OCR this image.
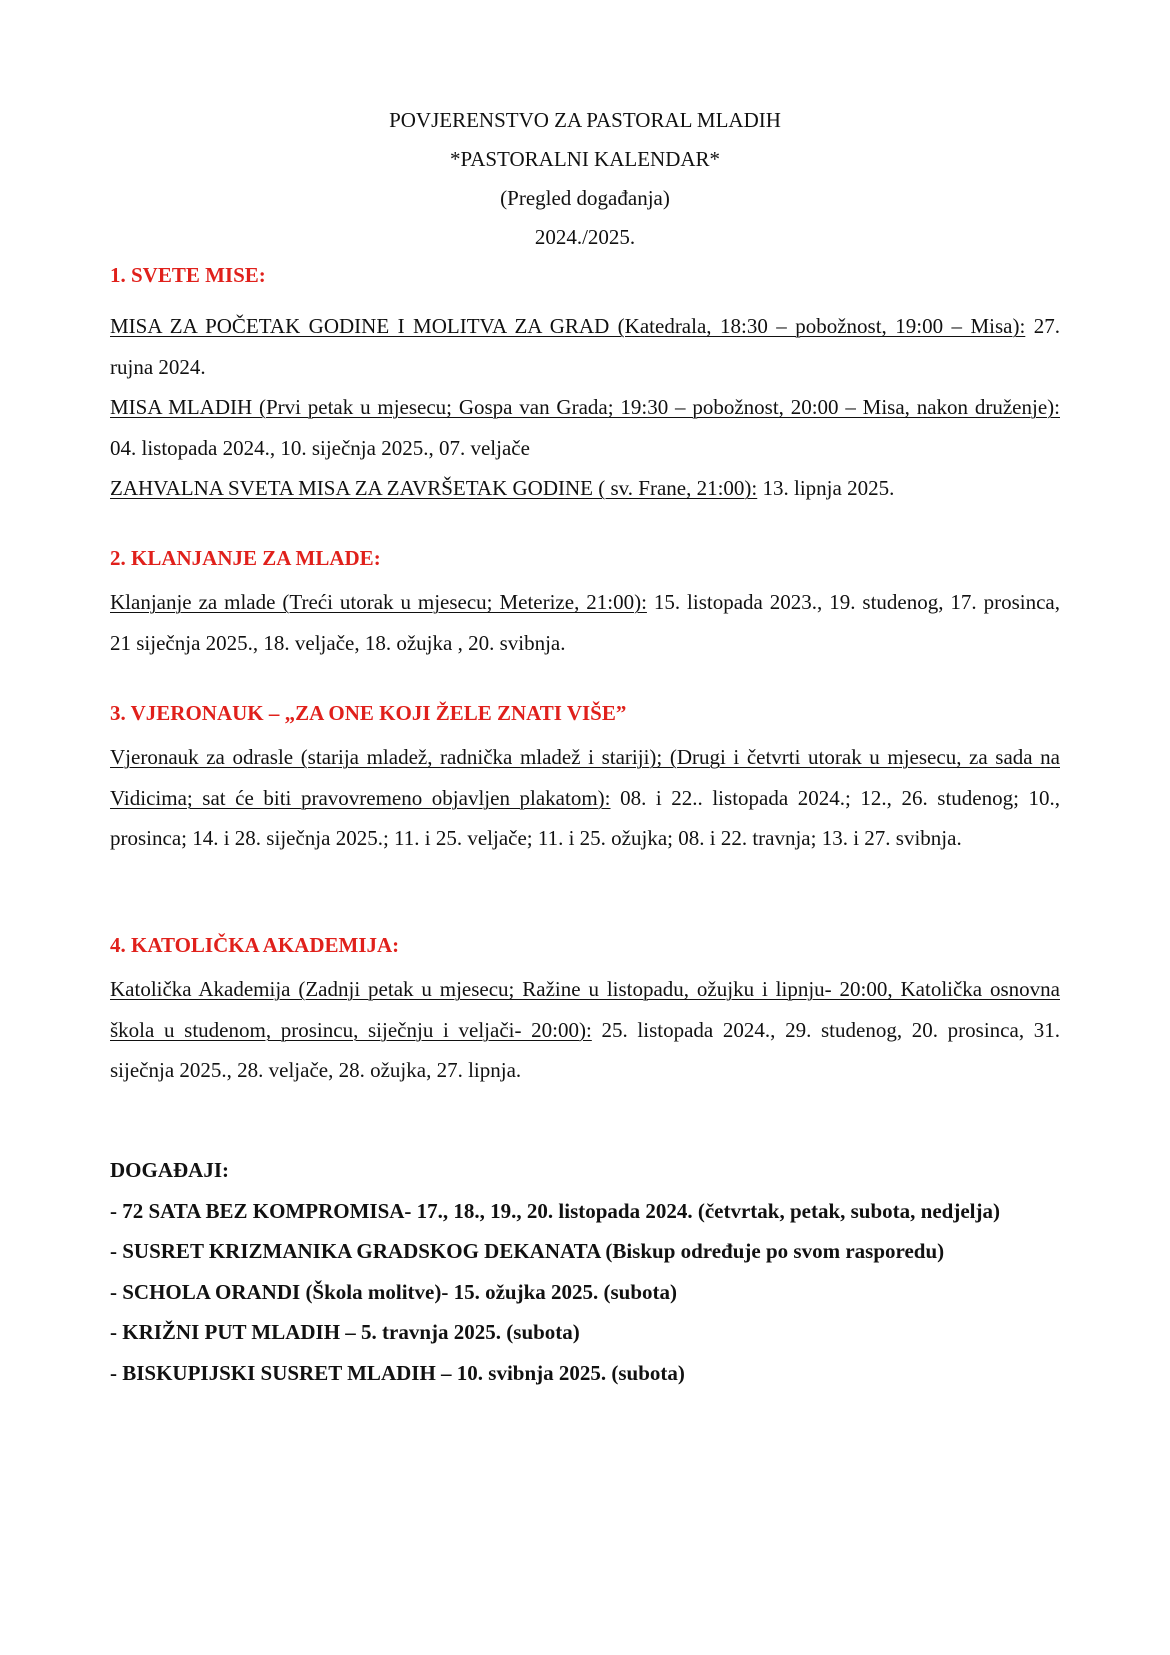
POVJERENSTVO ZA PASTORAL MLADIH
*PASTORALNI KALENDAR*
(Pregled događanja)
2024./2025.
1. SVETE MISE:
MISA ZA POČETAK GODINE I MOLITVA ZA GRAD (Katedrala, 18:30 – pobožnost, 19:00 – Misa): 27. rujna 2024.
MISA MLADIH (Prvi petak u mjesecu; Gospa van Grada; 19:30 – pobožnost, 20:00 – Misa, nakon druženje): 04. listopada 2024., 10. siječnja 2025., 07. veljače
ZAHVALNA SVETA MISA ZA ZAVRŠETAK GODINE ( sv. Frane, 21:00): 13. lipnja 2025.
2. KLANJANJE ZA MLADE:
Klanjanje za mlade (Treći utorak u mjesecu; Meterize, 21:00): 15. listopada 2023., 19. studenog, 17. prosinca, 21 siječnja 2025., 18. veljače, 18. ožujka , 20. svibnja.
3. VJERONAUK – „ZA ONE KOJI ŽELE ZNATI VIŠE”
Vjeronauk za odrasle (starija mladež, radnička mladež i stariji); (Drugi i četvrti utorak u mjesecu, za sada na Vidicima; sat će biti pravovremeno objavljen plakatom): 08. i 22.. listopada 2024.; 12., 26. studenog; 10., prosinca; 14. i 28. siječnja 2025.; 11. i 25. veljače; 11. i 25. ožujka; 08. i 22. travnja; 13. i 27. svibnja.
4. KATOLIČKA AKADEMIJA:
Katolička Akademija (Zadnji petak u mjesecu; Ražine u listopadu, ožujku i lipnju- 20:00, Katolička osnovna škola u studenom, prosincu, siječnju i veljači- 20:00): 25. listopada 2024., 29. studenog, 20. prosinca, 31. siječnja 2025., 28. veljače, 28. ožujka, 27. lipnja.
DOGAĐAJI:
- 72 SATA BEZ KOMPROMISA- 17., 18., 19., 20. listopada 2024. (četvrtak, petak, subota, nedjelja)
- SUSRET KRIZMANIKA GRADSKOG DEKANATA (Biskup određuje po svom rasporedu)
- SCHOLA ORANDI (Škola molitve)- 15. ožujka 2025. (subota)
- KRIŽNI PUT MLADIH – 5. travnja 2025. (subota)
- BISKUPIJSKI SUSRET MLADIH – 10. svibnja 2025. (subota)
